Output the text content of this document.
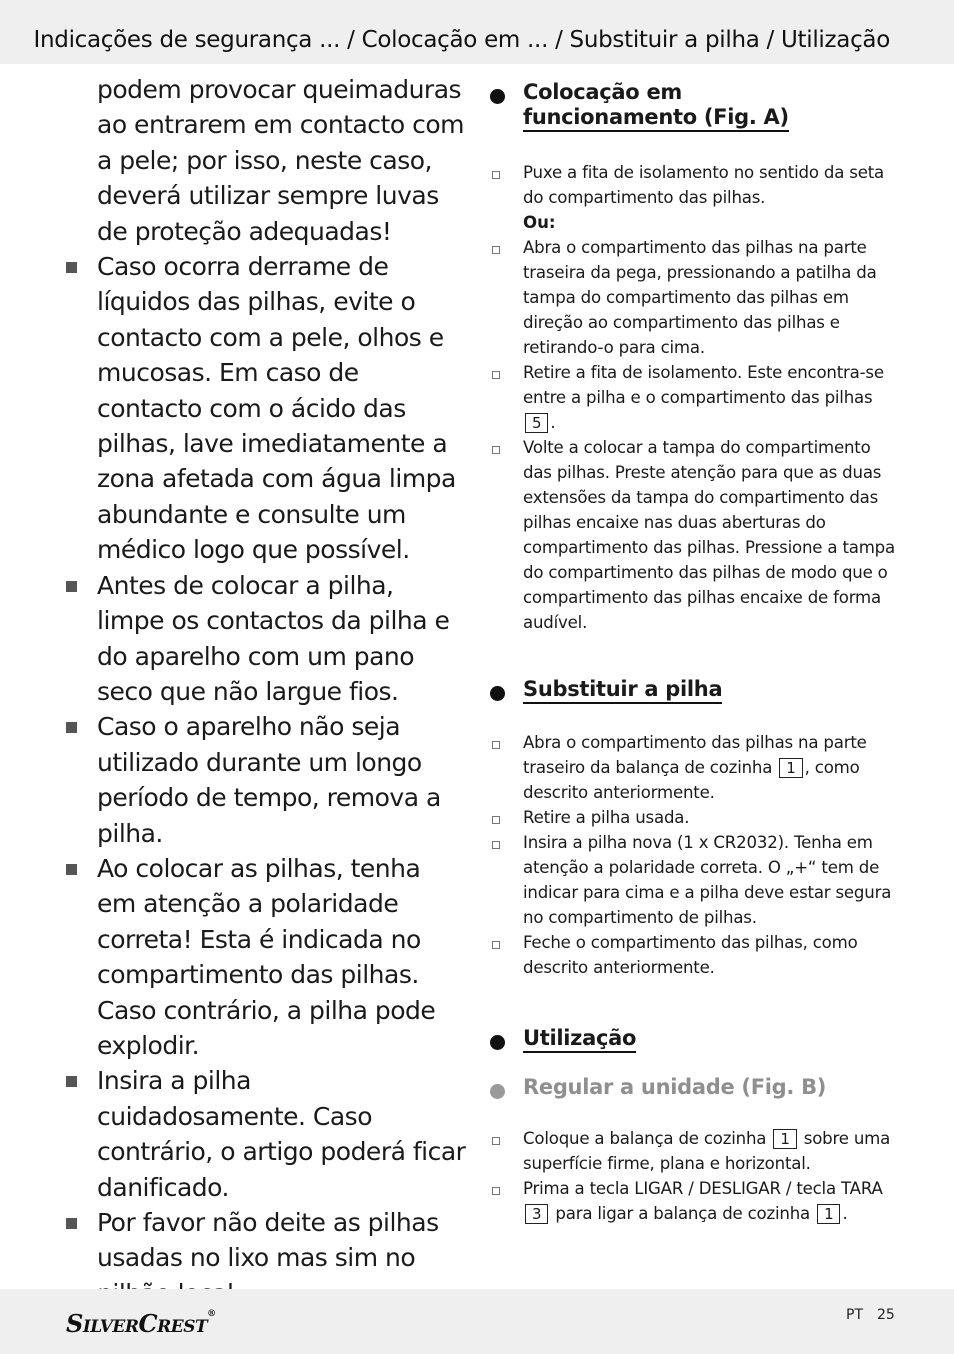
Indicações de segurança ... / Colocação em ... / Substituir a pilha / Utilização
podem provocar queimaduras ao entrarem em contacto com a pele; por isso, neste caso, deverá utilizar sempre luvas de proteção adequadas!
Caso ocorra derrame de líquidos das pilhas, evite o contacto com a pele, olhos e mucosas. Em caso de contacto com o ácido das pilhas, lave imediatamente a zona afetada com água limpa abundante e consulte um médico logo que possível.
Antes de colocar a pilha, limpe os contactos da pilha e do aparelho com um pano seco que não largue fios.
Caso o aparelho não seja utilizado durante um longo período de tempo, remova a pilha.
Ao colocar as pilhas, tenha em atenção a polaridade correta! Esta é indicada no compartimento das pilhas. Caso contrário, a pilha pode explodir.
Insira a pilha cuidadosamente. Caso contrário, o artigo poderá ficar danificado.
Por favor não deite as pilhas usadas no lixo mas sim no
Colocação em
funcionamento (Fig. A)
Puxe a fita de isolamento no sentido da seta do compartimento das pilhas.
Ou:
Abra o compartimento das pilhas na parte traseira da pega, pressionando a patilha da tampa do compartimento das pilhas em direção ao compartimento das pilhas e retirando-o para cima.
Retire a fita de isolamento. Este encontra-se entre a pilha e o compartimento das pilhas 5 .
Volte a colocar a tampa do compartimento das pilhas. Preste atenção para que as duas extensões da tampa do compartimento das pilhas encaixe nas duas aberturas do compartimento das pilhas. Pressione a tampa do compartimento das pilhas de modo que o compartimento das pilhas encaixe de forma audível.
Substituir a pilha
Abra o compartimento das pilhas na parte traseiro da balança de cozinha 1 , como descrito anteriormente.
Retire a pilha usada.
Insira a pilha nova (1 x CR2032). Tenha em atenção a polaridade correta. O „+“ tem de indicar para cima e a pilha deve estar segura no compartimento de pilhas.
Feche o compartimento das pilhas, como descrito anteriormente.
Utilização
Regular a unidade (Fig. B)
Coloque a balança de cozinha 1 sobre uma superfície firme, plana e horizontal.
Prima a tecla LIGAR / DESLIGAR / tecla TARA 3 para ligar a balança de cozinha 1 .
SILVERCREST®	PT 25
